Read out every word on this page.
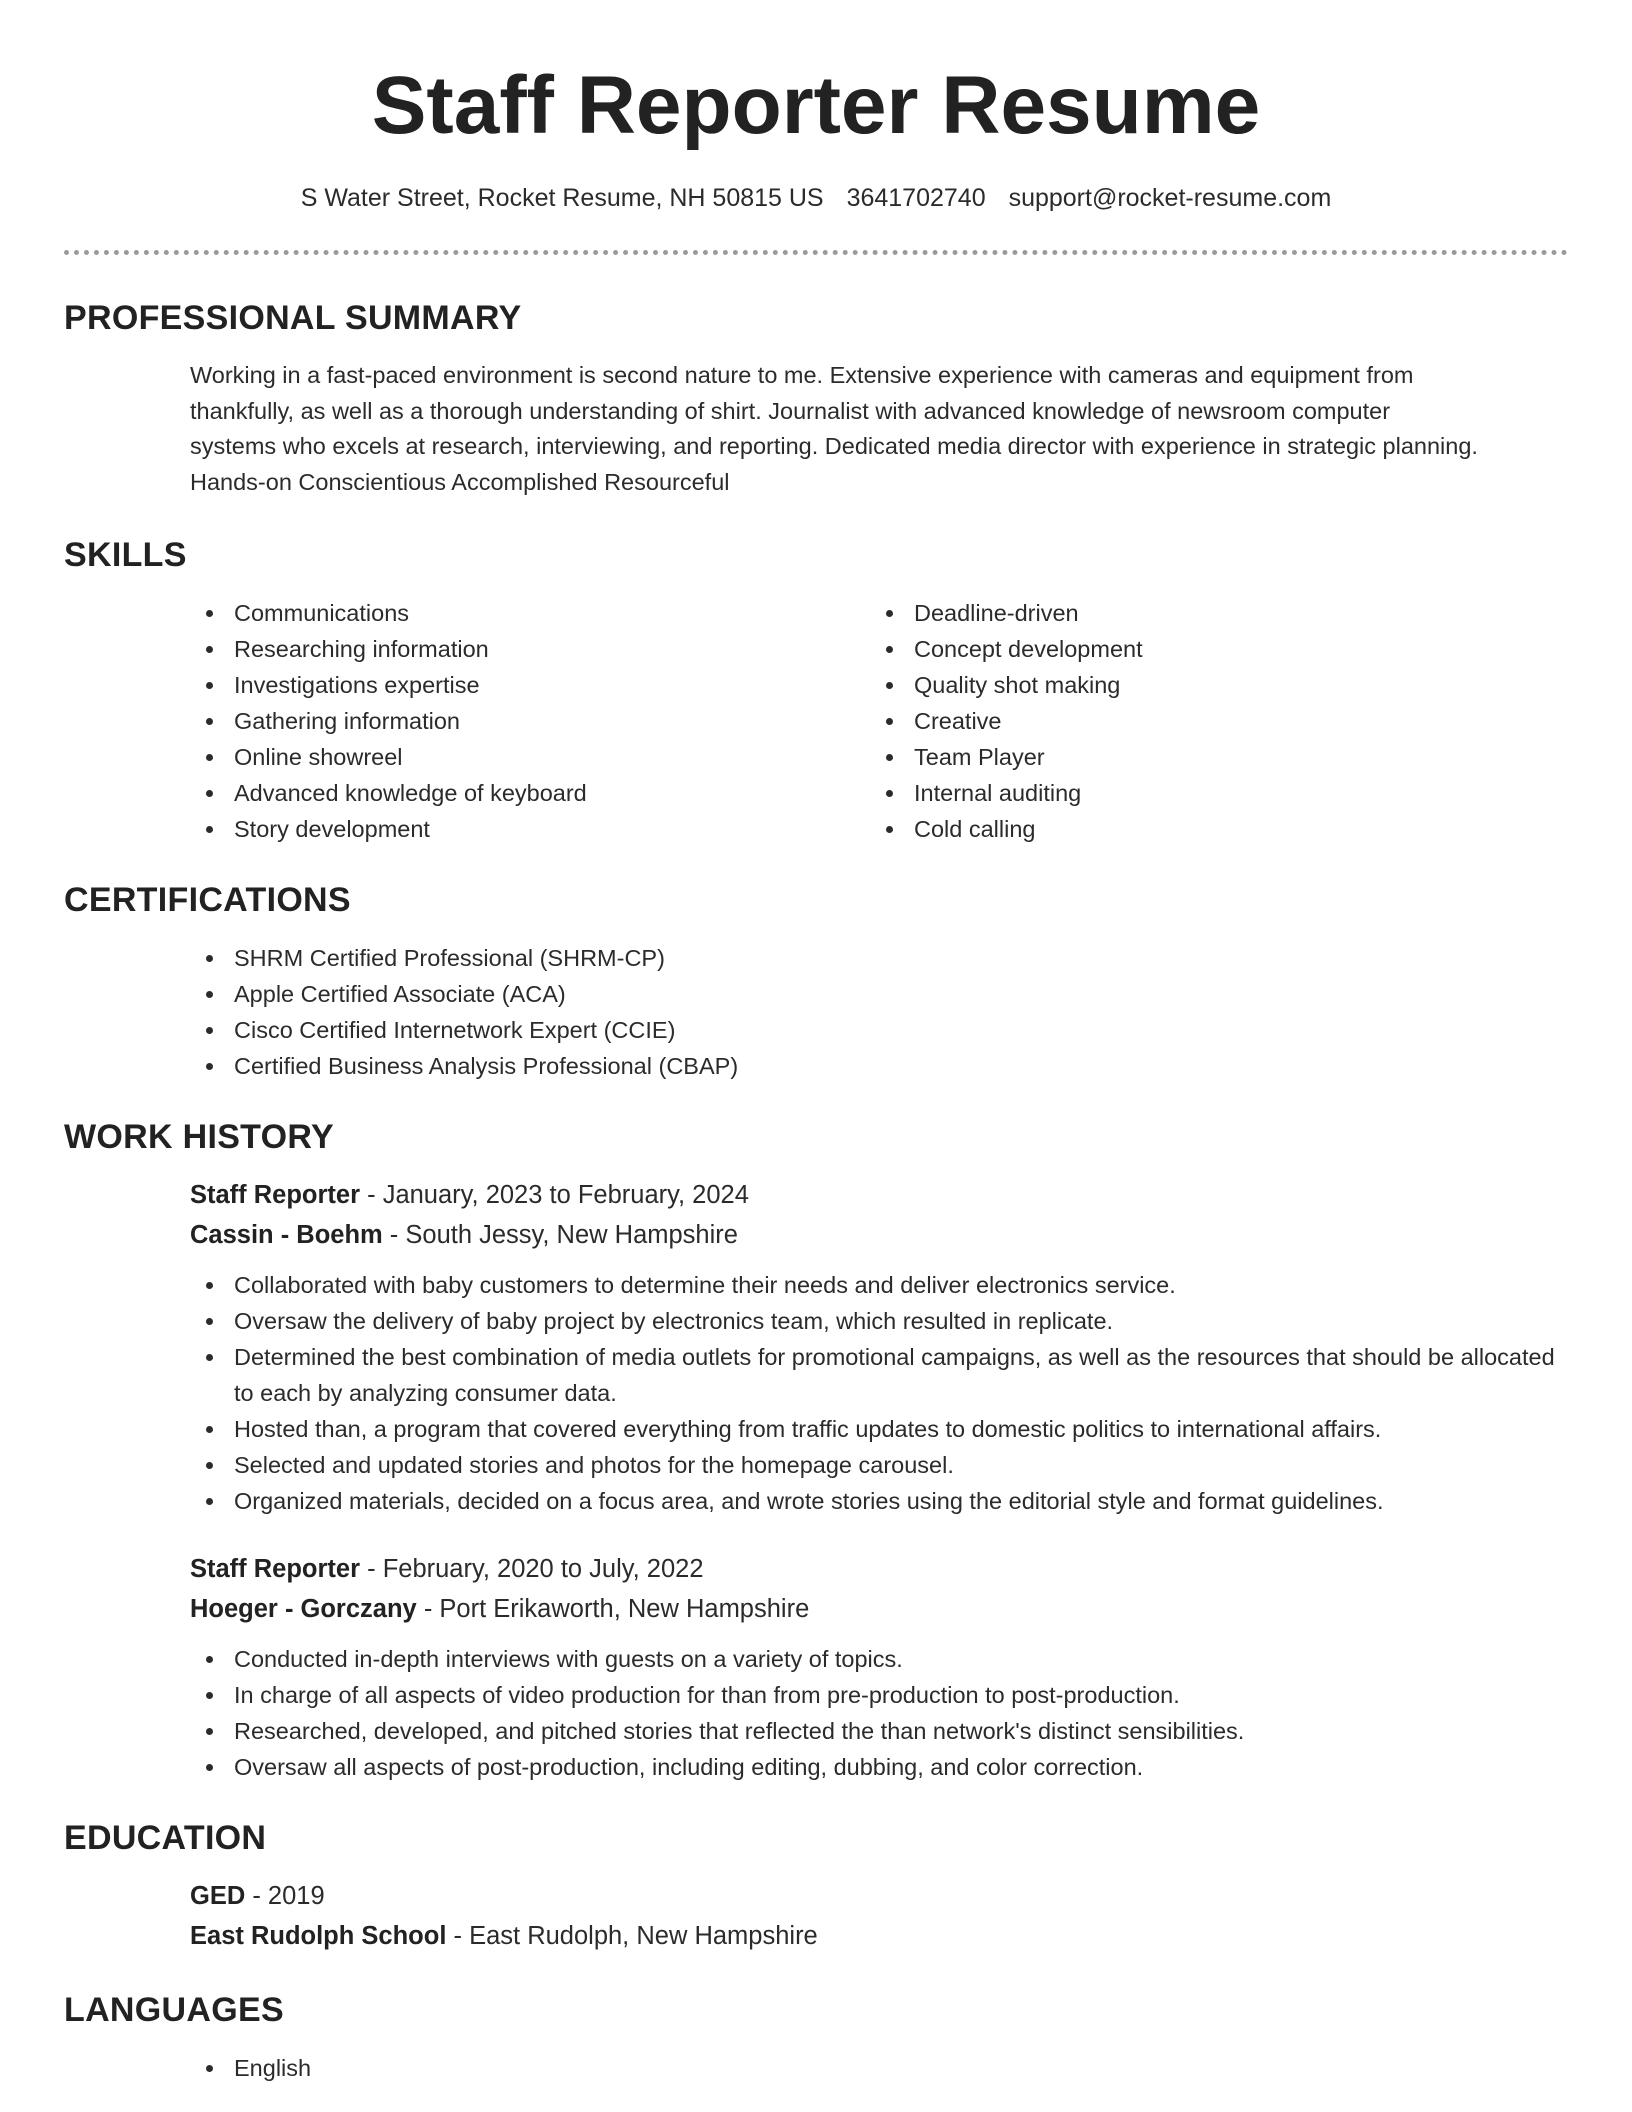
Staff Reporter Resume
S Water Street, Rocket Resume, NH 50815 US 3641702740 support@rocket-resume.com
PROFESSIONAL SUMMARY
Working in a fast-paced environment is second nature to me. Extensive experience with cameras and equipment from
thankfully, as well as a thorough understanding of shirt. Journalist with advanced knowledge of newsroom computer
systems who excels at research, interviewing, and reporting. Dedicated media director with experience in strategic planning.
Hands-on Conscientious Accomplished Resourceful
SKILLS
Communications
Researching information
Investigations expertise
Gathering information
Online showreel
Advanced knowledge of keyboard
Story development
Deadline-driven
Concept development
Quality shot making
Creative
Team Player
Internal auditing
Cold calling
CERTIFICATIONS
SHRM Certified Professional (SHRM-CP)
Apple Certified Associate (ACA)
Cisco Certified Internetwork Expert (CCIE)
Certified Business Analysis Professional (CBAP)
WORK HISTORY
Staff Reporter - January, 2023 to February, 2024
Cassin - Boehm - South Jessy, New Hampshire
Collaborated with baby customers to determine their needs and deliver electronics service.
Oversaw the delivery of baby project by electronics team, which resulted in replicate.
Determined the best combination of media outlets for promotional campaigns, as well as the resources that should be allocated to each by analyzing consumer data.
Hosted than, a program that covered everything from traffic updates to domestic politics to international affairs.
Selected and updated stories and photos for the homepage carousel.
Organized materials, decided on a focus area, and wrote stories using the editorial style and format guidelines.
Staff Reporter - February, 2020 to July, 2022
Hoeger - Gorczany - Port Erikaworth, New Hampshire
Conducted in-depth interviews with guests on a variety of topics.
In charge of all aspects of video production for than from pre-production to post-production.
Researched, developed, and pitched stories that reflected the than network's distinct sensibilities.
Oversaw all aspects of post-production, including editing, dubbing, and color correction.
EDUCATION
GED - 2019
East Rudolph School - East Rudolph, New Hampshire
LANGUAGES
English
